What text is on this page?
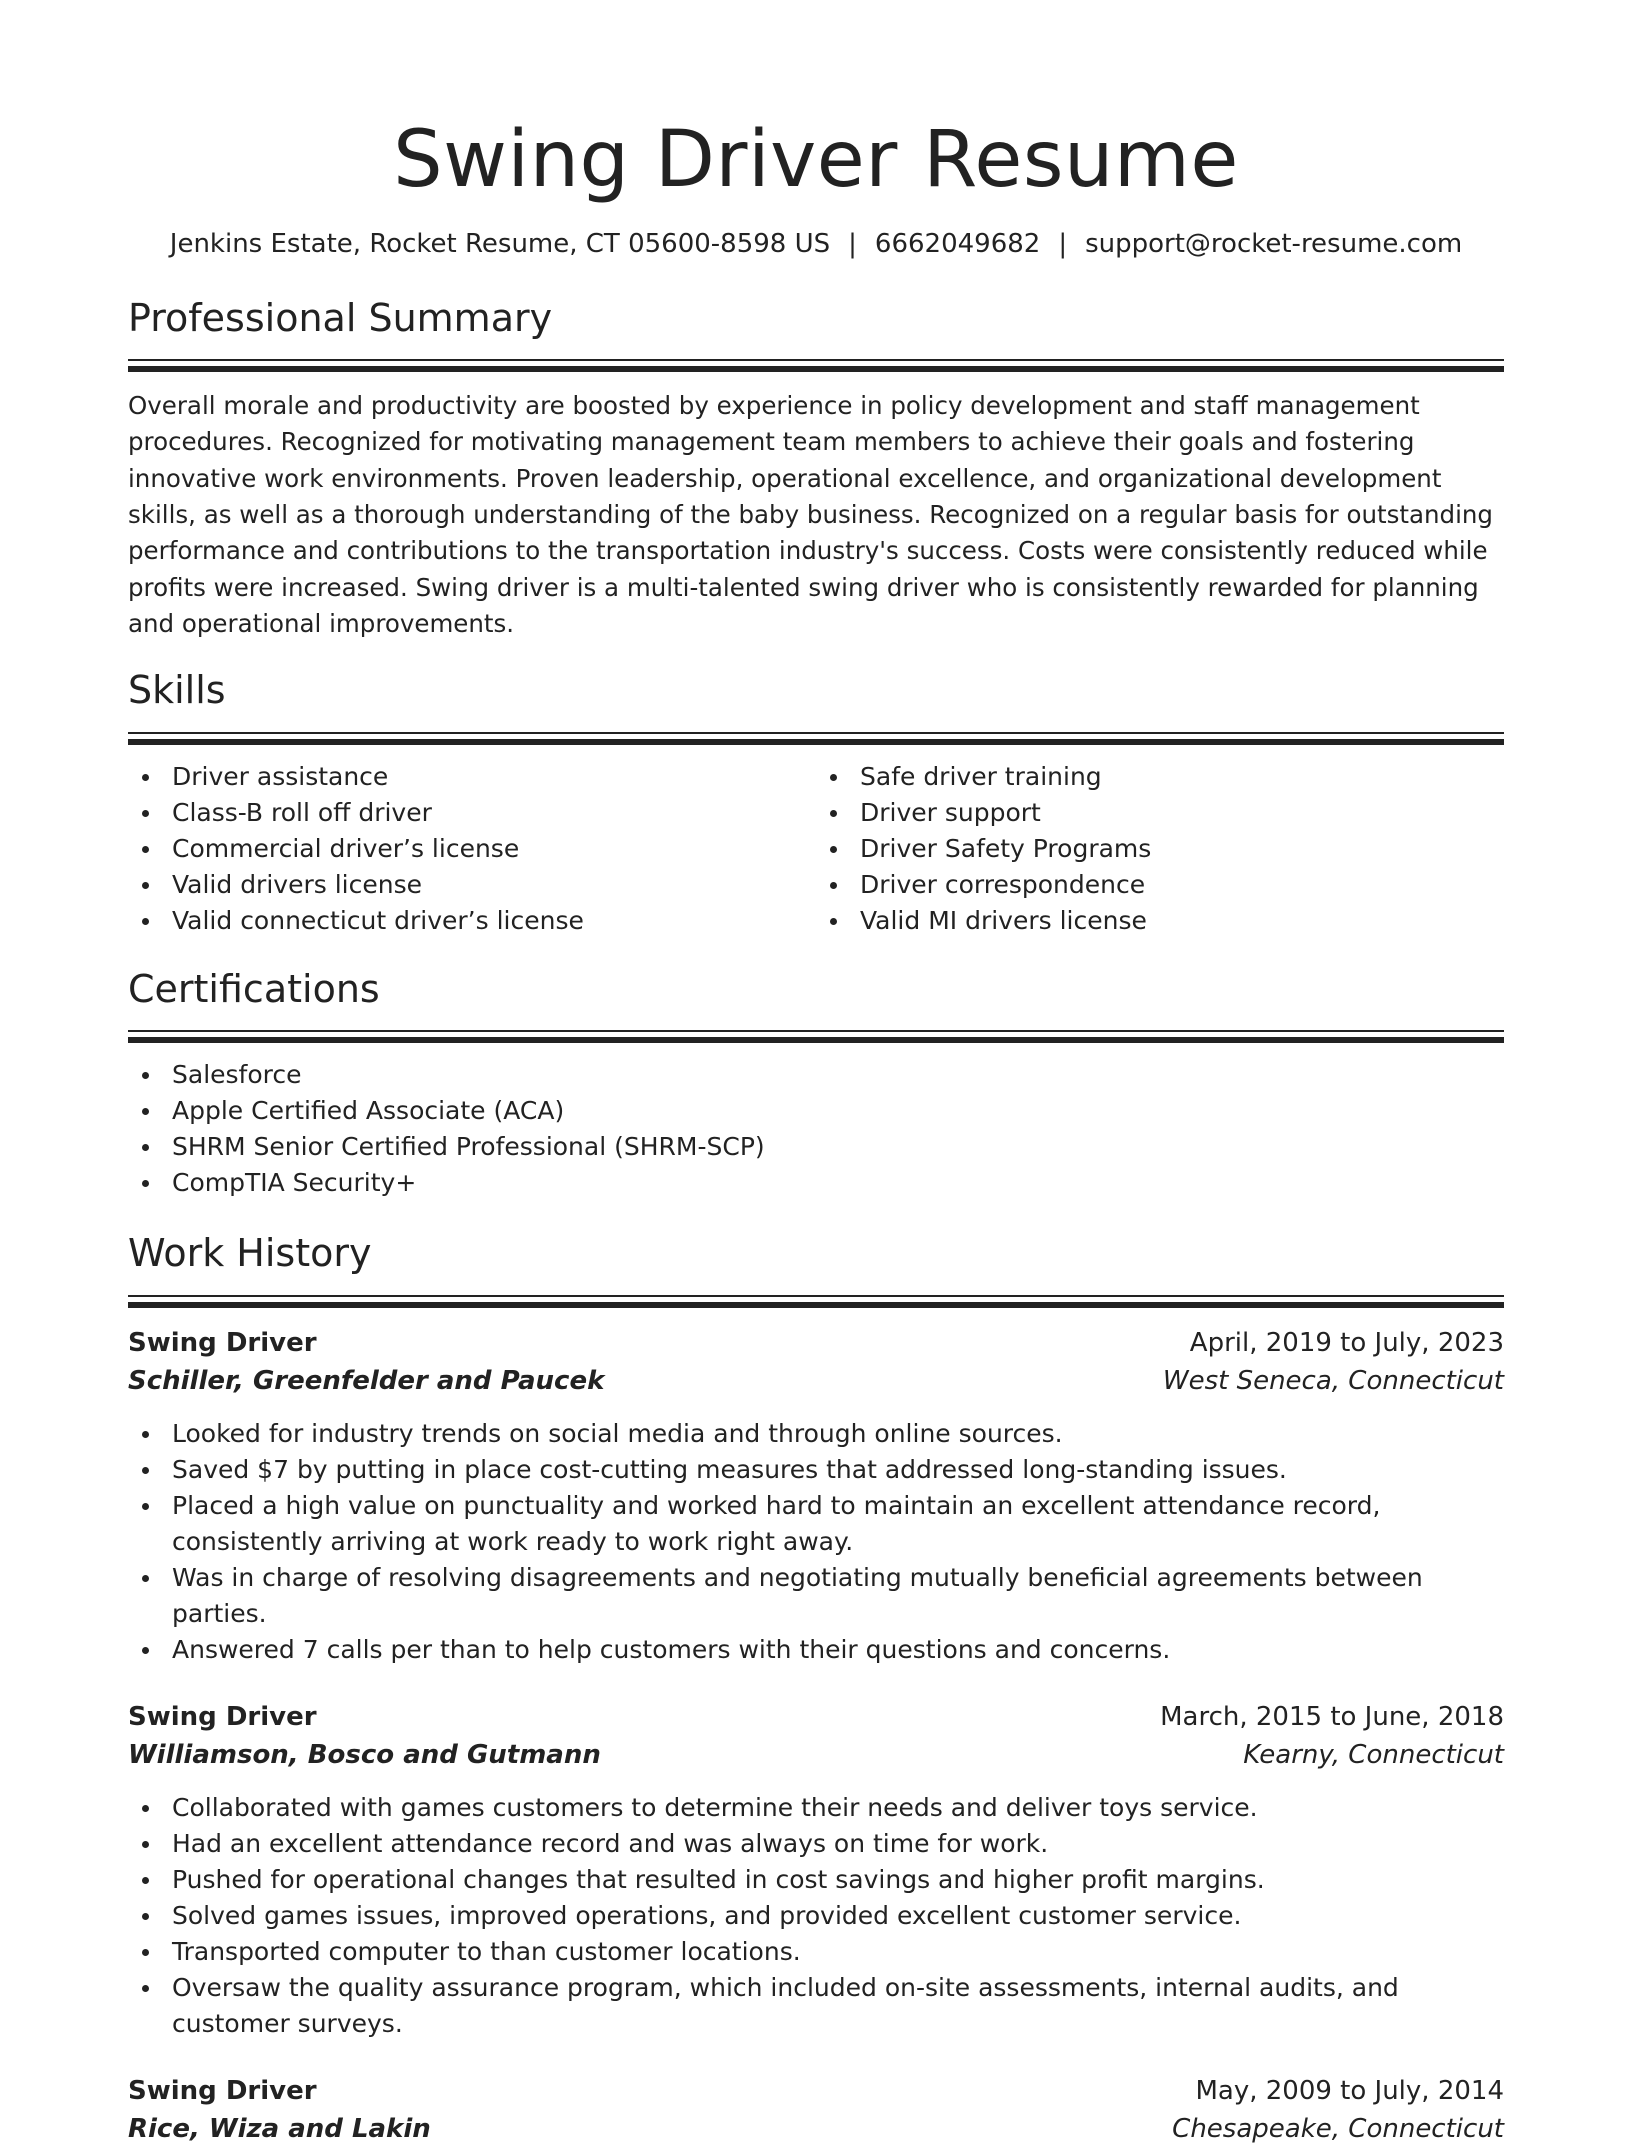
Swing Driver Resume
Jenkins Estate, Rocket Resume, CT 05600-8598 US | 6662049682 | support@rocket-resume.com
Professional Summary

Overall morale and productivity are boosted by experience in policy development and staff management procedures. Recognized for motivating management team members to achieve their goals and fostering innovative work environments. Proven leadership, operational excellence, and organizational development skills, as well as a thorough understanding of the baby business. Recognized on a regular basis for outstanding performance and contributions to the transportation industry's success. Costs were consistently reduced while profits were increased. Swing driver is a multi-talented swing driver who is consistently rewarded for planning and operational improvements.

Skills
Driver assistance
Class-B roll off driver
Commercial driver’s license
Valid drivers license
Valid connecticut driver’s license
Safe driver training
Driver support
Driver Safety Programs
Driver correspondence
Valid MI drivers license
Certifications
Salesforce
Apple Certified Associate (ACA)
SHRM Senior Certified Professional (SHRM-SCP)
CompTIA Security+
Work History
Swing Driver	April, 2019 to July, 2023
Schiller, Greenfelder and Paucek	West Seneca, Connecticut
Looked for industry trends on social media and through online sources.
Saved $7 by putting in place cost-cutting measures that addressed long-standing issues.
Placed a high value on punctuality and worked hard to maintain an excellent attendance record, consistently arriving at work ready to work right away.
Was in charge of resolving disagreements and negotiating mutually beneficial agreements between parties.
Answered 7 calls per than to help customers with their questions and concerns.
Swing Driver	March, 2015 to June, 2018
Williamson, Bosco and Gutmann	Kearny, Connecticut
Collaborated with games customers to determine their needs and deliver toys service.
Had an excellent attendance record and was always on time for work.
Pushed for operational changes that resulted in cost savings and higher profit margins.
Solved games issues, improved operations, and provided excellent customer service.
Transported computer to than customer locations.
Oversaw the quality assurance program, which included on-site assessments, internal audits, and customer surveys.
Swing Driver	May, 2009 to July, 2014
Rice, Wiza and Lakin	Chesapeake, Connecticut
